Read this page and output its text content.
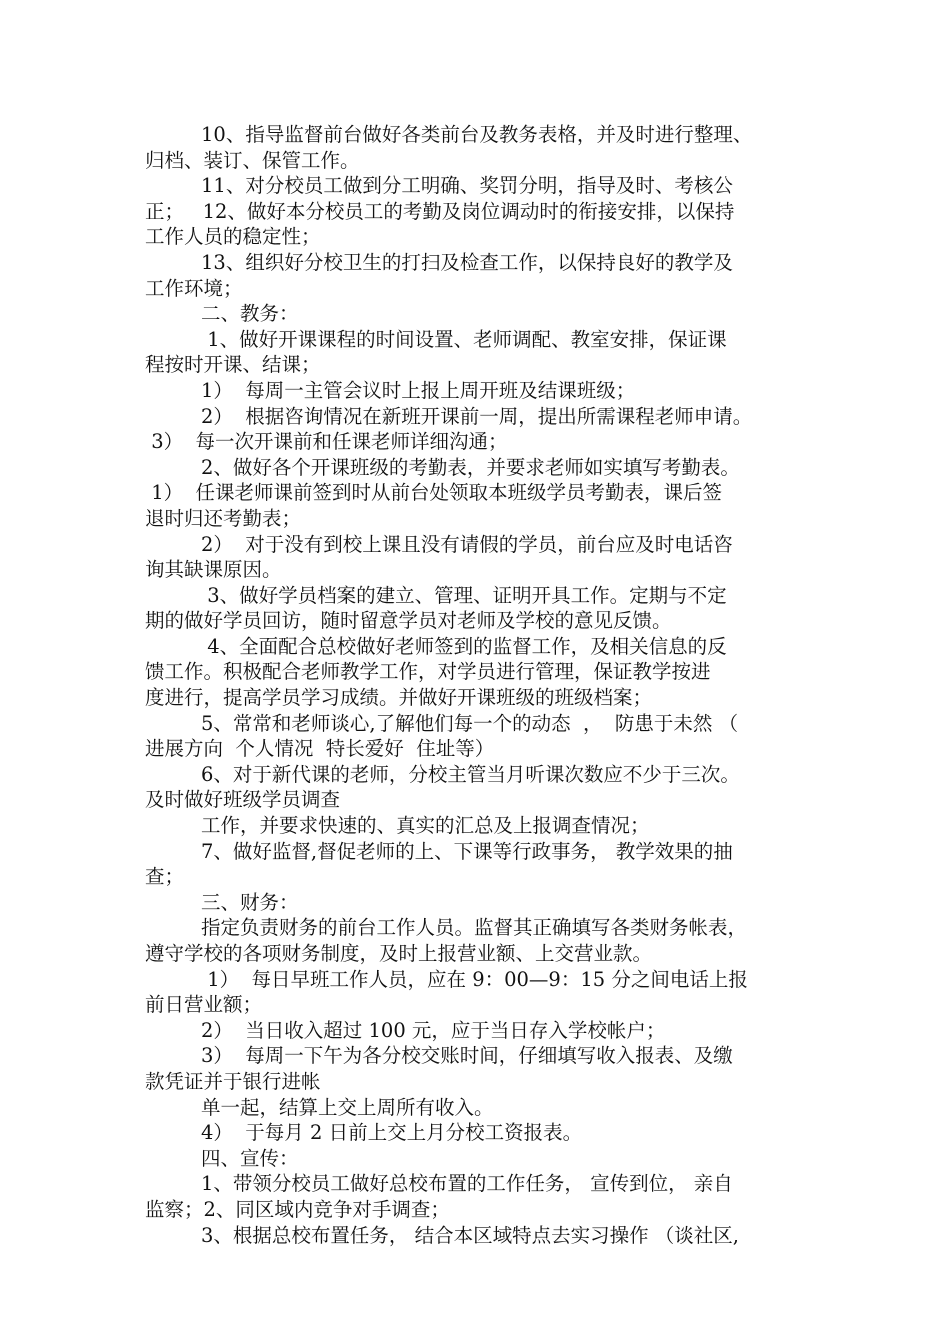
10、指导监督前台做好各类前台及教务表格，并及时进行整理、
归档、装订、保管工作。
11、对分校员工做到分工明确、奖罚分明，指导及时、考核公
正；   12、做好本分校员工的考勤及岗位调动时的衔接安排，以保持
工作人员的稳定性；
13、组织好分校卫生的打扫及检查工作，以保持良好的教学及
工作环境；
二、教务：
1、做好开课课程的时间设置、老师调配、教室安排，保证课
程按时开课、结课；
1）  每周一主管会议时上报上周开班及结课班级；
2）  根据咨询情况在新班开课前一周，提出所需课程老师申请。
3）  每一次开课前和任课老师详细沟通；
2、做好各个开课班级的考勤表，并要求老师如实填写考勤表。
1）  任课老师课前签到时从前台处领取本班级学员考勤表，课后签
退时归还考勤表；
2）  对于没有到校上课且没有请假的学员，前台应及时电话咨
询其缺课原因。
3、做好学员档案的建立、管理、证明开具工作。定期与不定
期的做好学员回访，随时留意学员对老师及学校的意见反馈。
4、全面配合总校做好老师签到的监督工作，及相关信息的反
馈工作。积极配合老师教学工作，对学员进行管理，保证教学按进
度进行，提高学员学习成绩。并做好开课班级的班级档案；
5、常常和老师谈心,了解他们每一个的动态  ，  防患于未然 （
进展方向  个人情况  特长爱好  住址等）
6、对于新代课的老师，分校主管当月听课次数应不少于三次。
及时做好班级学员调查
工作，并要求快速的、真实的汇总及上报调查情况；
7、做好监督,督促老师的上、下课等行政事务， 教学效果的抽
查；
三、财务：
指定负责财务的前台工作人员。监督其正确填写各类财务帐表，
遵守学校的各项财务制度，及时上报营业额、上交营业款。
1）  每日早班工作人员，应在 9：00—9：15 分之间电话上报
前日营业额；
2）  当日收入超过 100 元，应于当日存入学校帐户；
3）  每周一下午为各分校交账时间，仔细填写收入报表、及缴
款凭证并于银行进帐
单一起，结算上交上周所有收入。
4）  于每月 2 日前上交上月分校工资报表。
四、宣传：
1、带领分校员工做好总校布置的工作任务， 宣传到位， 亲自
监察；2、同区域内竞争对手调查；
3、根据总校布置任务， 结合本区域特点去实习操作 （谈社区,
